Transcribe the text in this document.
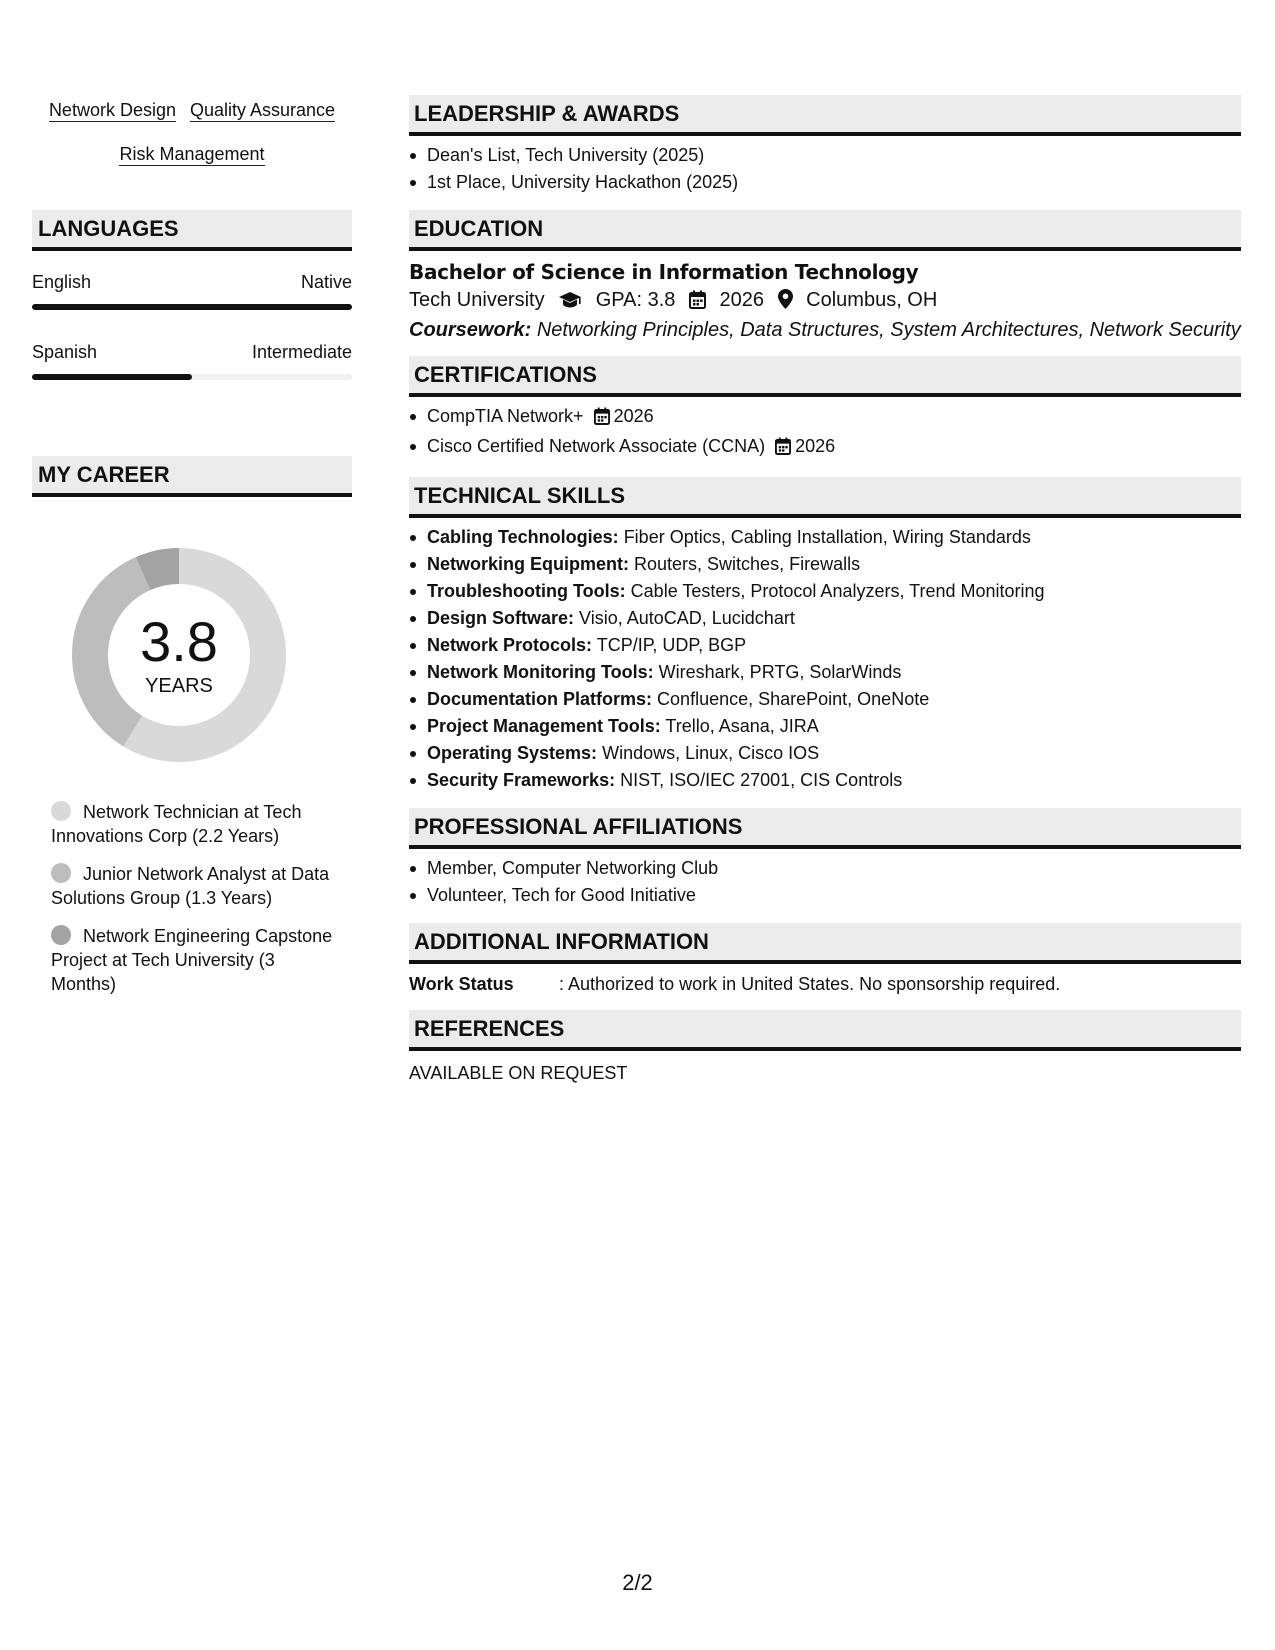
Network Design Quality Assurance
Risk Management
LANGUAGES
English	Native
Spanish	Intermediate
MY CAREER
3.8
YEARS
Network Technician at Tech Innovations Corp (2.2 Years)
Junior Network Analyst at Data Solutions Group (1.3 Years)
Network Engineering Capstone Project at Tech University (3 Months)
LEADERSHIP & AWARDS
Dean's List, Tech University (2025)
1st Place, University Hackathon (2025)
EDUCATION
Bachelor of Science in Information Technology
Tech University	GPA: 3.8 2026 Columbus, OH
Coursework: Networking Principles, Data Structures, System Architectures, Network Security
CERTIFICATIONS
CompTIA Network+ 2026
Cisco Certified Network Associate (CCNA) 2026
TECHNICAL SKILLS
Cabling Technologies: Fiber Optics, Cabling Installation, Wiring Standards
Networking Equipment: Routers, Switches, Firewalls
Troubleshooting Tools: Cable Testers, Protocol Analyzers, Trend Monitoring
Design Software: Visio, AutoCAD, Lucidchart
Network Protocols: TCP/IP, UDP, BGP
Network Monitoring Tools: Wireshark, PRTG, SolarWinds
Documentation Platforms: Confluence, SharePoint, OneNote
Project Management Tools: Trello, Asana, JIRA
Operating Systems: Windows, Linux, Cisco IOS
Security Frameworks: NIST, ISO/IEC 27001, CIS Controls
PROFESSIONAL AFFILIATIONS
Member, Computer Networking Club
Volunteer, Tech for Good Initiative
ADDITIONAL INFORMATION
Work Status	: Authorized to work in United States. No sponsorship required.
REFERENCES
AVAILABLE ON REQUEST
2/2
